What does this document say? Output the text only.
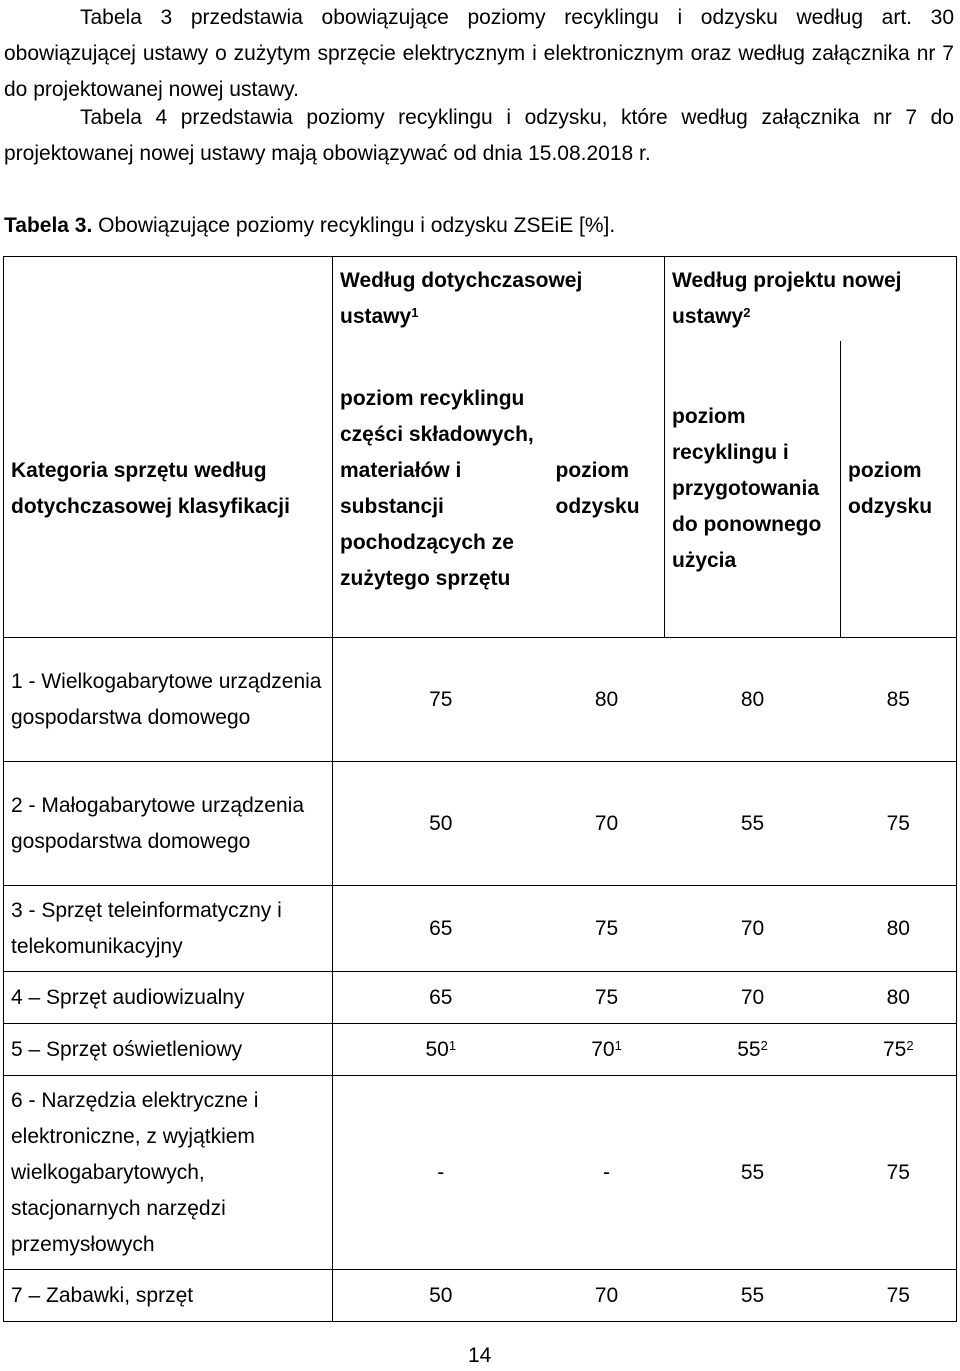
Tabela 3 przedstawia obowiązujące poziomy recyklingu i odzysku według art. 30 obowiązującej ustawy o zużytym sprzęcie elektrycznym i elektronicznym oraz według załącznika nr 7 do projektowanej nowej ustawy.
Tabela 4 przedstawia poziomy recyklingu i odzysku, które według załącznika nr 7 do projektowanej nowej ustawy mają obowiązywać od dnia 15.08.2018 r.
Tabela 3. Obowiązujące poziomy recyklingu i odzysku ZSEiE [%].
	Według dotychczasowej ustawy$^1$		Według projektu nowej ustawy$^2$
Kategoria sprzętu według dotychczasowej klasyfikacji	poziom recyklingu części składowych, materiałów i substancji pochodzących ze zużytego sprzętu	poziom odzysku	poziom recyklingu i przygotowania do ponownego użycia	poziom odzysku
1 - Wielkogabarytowe urządzenia gospodarstwa domowego	75	80	80	85
2 - Małogabarytowe urządzenia gospodarstwa domowego	50	70	55	75
3 - Sprzęt teleinformatyczny i telekomunikacyjny	65	75	70	80
4 – Sprzęt audiowizualny	65	75	70	80
5 – Sprzęt oświetleniowy	$50^1$	$70^1$	$55^2$	$75^2$
6 - Narzędzia elektryczne i elektroniczne, z wyjątkiem wielkogabarytowych, stacjonarnych narzędzi przemysłowych	-	-	55	75
7 – Zabawki, sprzęt	50	70	55	75
14
